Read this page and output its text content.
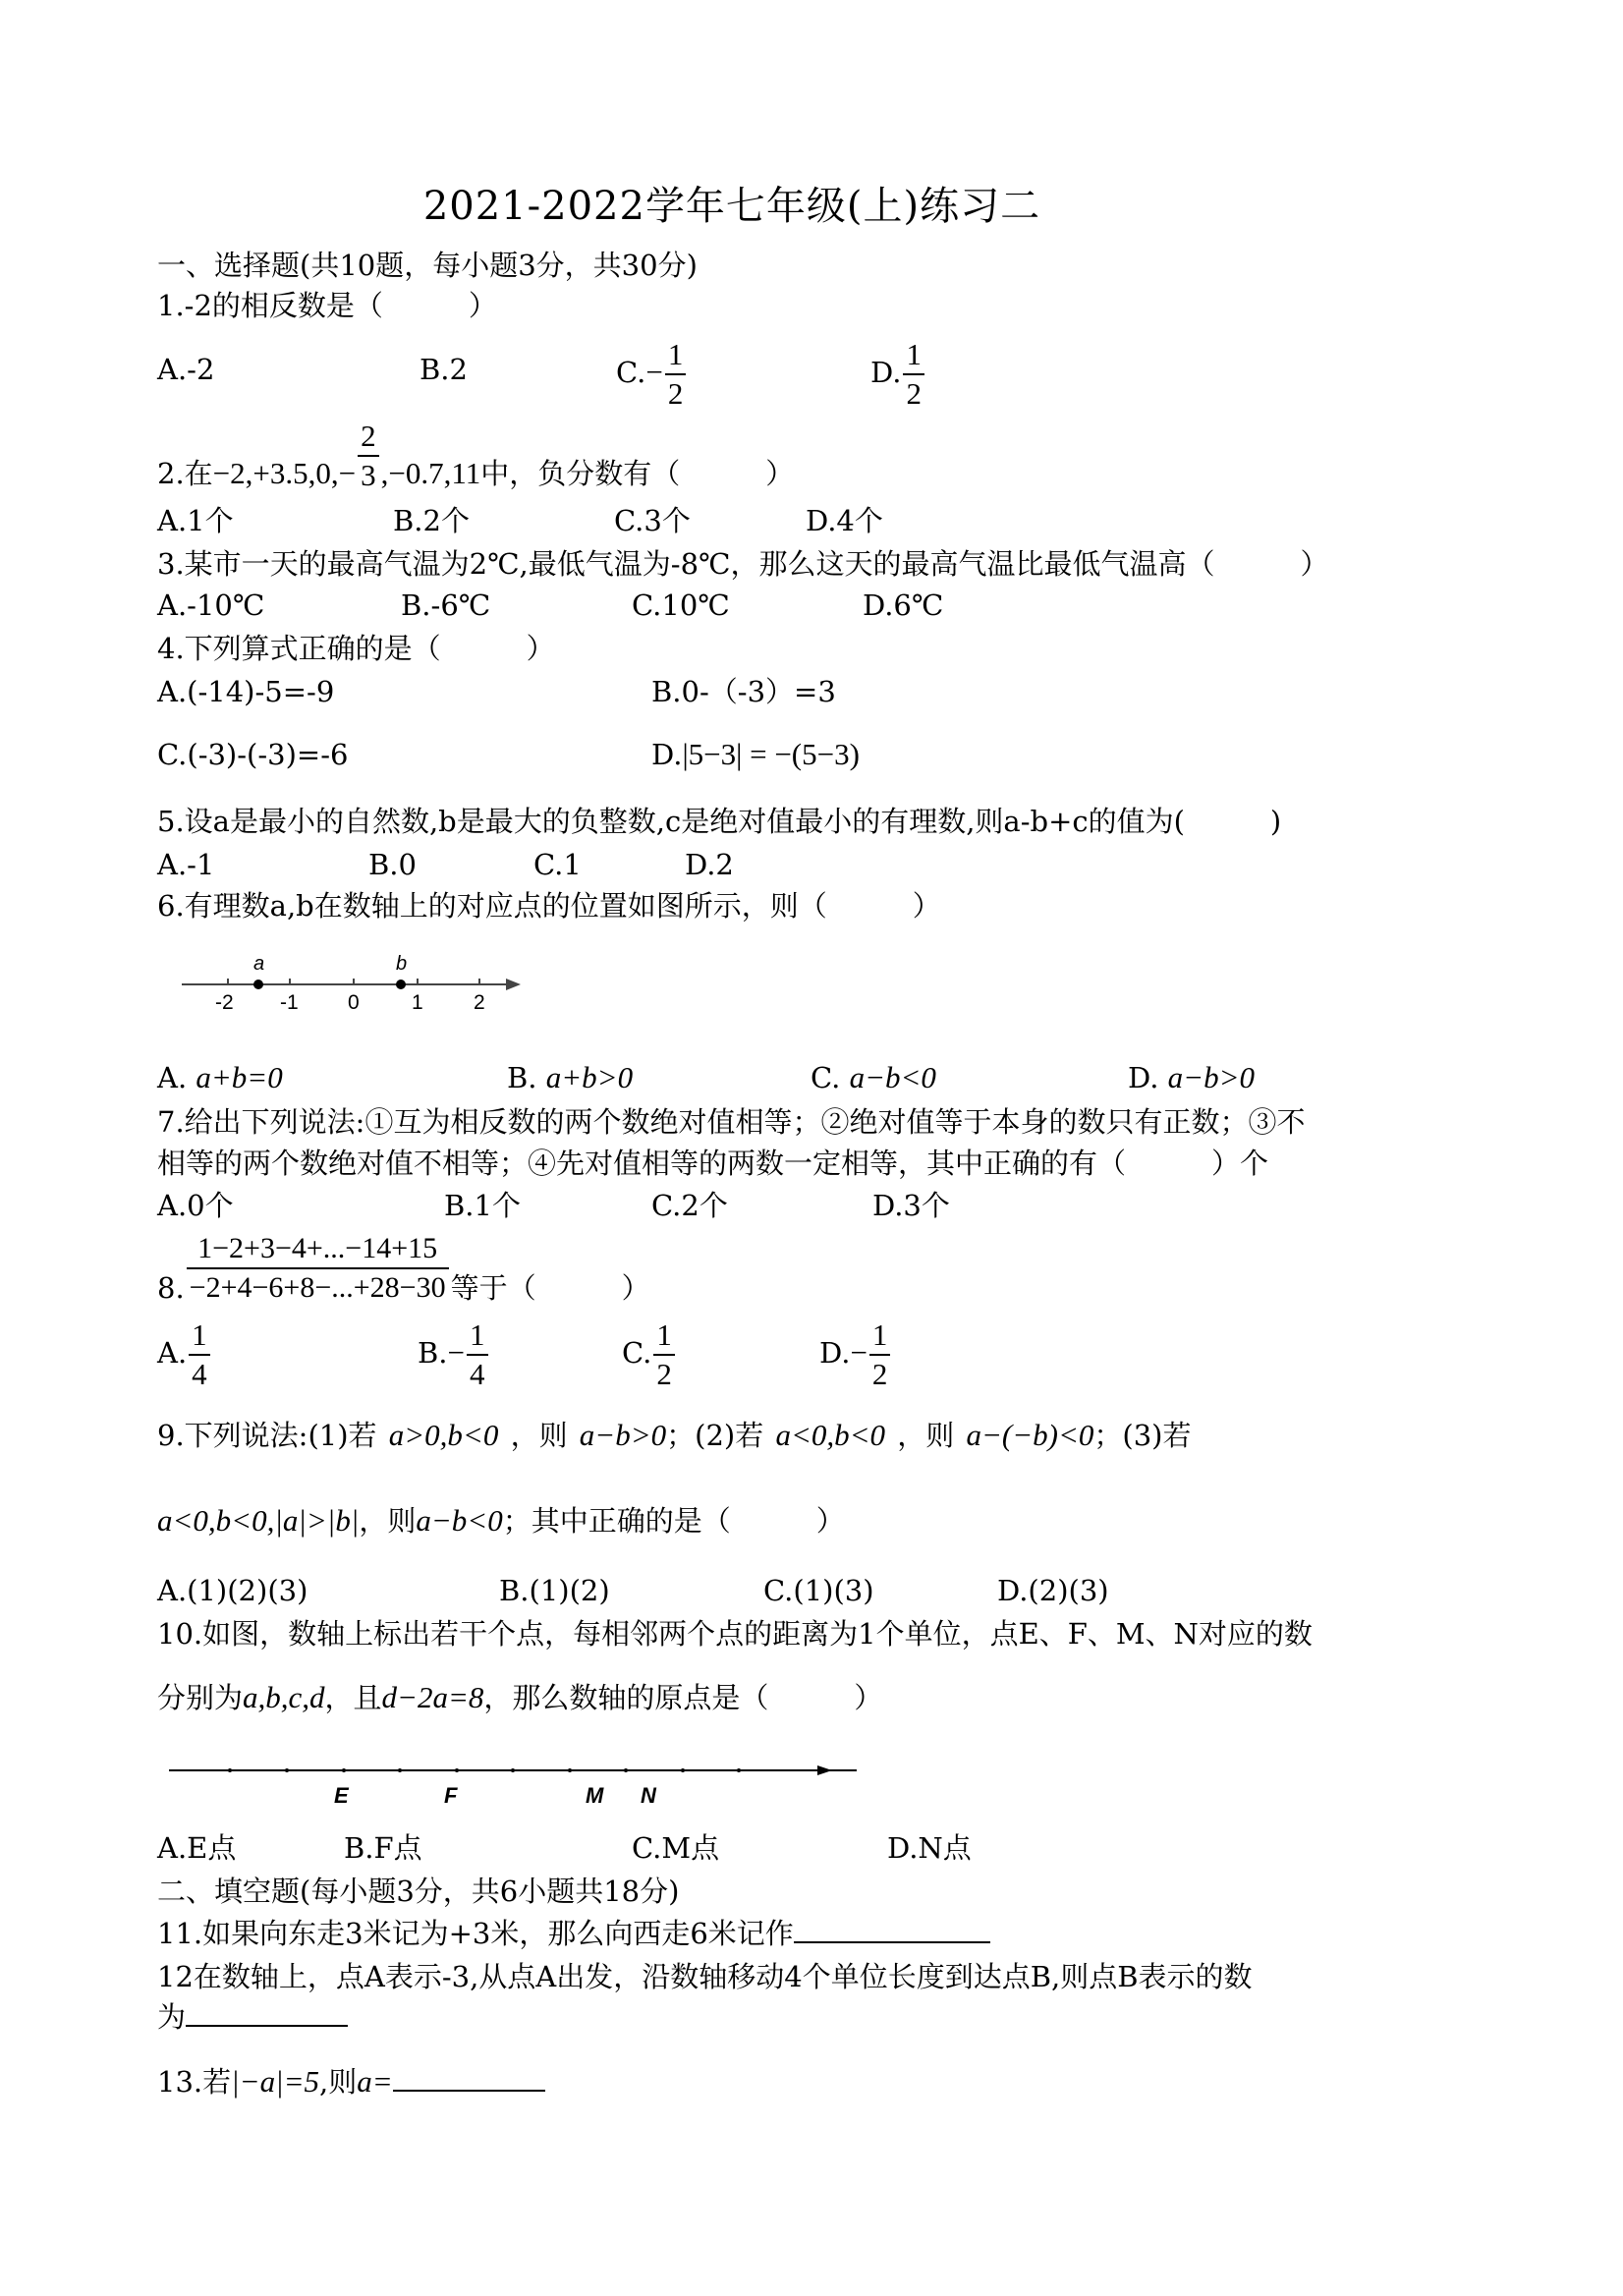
2021-2022学年七年级(上)练习二
一、选择题(共10题，每小题3分，共30分)
1.-2的相反数是（　　　）
A.-2	B.2	$C.- \frac{1}{2}$	D. $\frac{1}{2}$
2.在$-2,+3.5,0,- \frac{2}{3} ,-0.7,11$中，负分数有（　　　）
A.1个	B.2个	C.3个	D.4个
3.某市一天的最高气温为2℃,最低气温为-8℃，那么这天的最高气温比最低气温高（　　　）
A.-10℃	B.-6℃	C.10℃	D.6℃
4.下列算式正确的是（　　　）
A.(-14)-5=-9	B.0-（-3）=3
C.(-3)-(-3)=-6	D.|5−3| = −(5−3)
5.设a是最小的自然数,b是最大的负整数,c是绝对值最小的有理数,则a-b+c的值为(　　　)
A.-1	B.0	C.1	D.2
6.有理数a,b在数轴上的对应点的位置如图所示，则（　　　）
a	b
-2 -1 0	1 2
A. a+b=0	B. a+b>0	C. a−b<0	D. a−b>0
7.给出下列说法:①互为相反数的两个数绝对值相等；②绝对值等于本身的数只有正数；③不
相等的两个数绝对值不相等；④先对值相等的两数一定相等，其中正确的有（　　　）个
A.0个	B.1个	C.2个	D.3个
8. $\frac{1-2+3-4+...-14+15}{-2+4-6+8-...+28-30}$ 等于（　　　）
A. $\frac{1}{4}$	$B.- \frac{1}{4}$	C. $\frac{1}{2}$	$D.- \frac{1}{2}$
9.下列说法:(1)若 a>0,b<0 ，则 a−b>0；(2)若 a<0,b<0 ，则 a−(−b)<0；(3)若
a<0,b<0,|a|>|b|，则a−b<0；其中正确的是（　　　）
A.(1)(2)(3)	B.(1)(2)	C.(1)(3)	D.(2)(3)
10.如图，数轴上标出若干个点，每相邻两个点的距离为1个单位，点E、F、M、N对应的数
分别为a,b,c,d，且d−2a=8，那么数轴的原点是（　　　）
E	F	M N
A.E点	B.F点	C.M点	D.N点
二、填空题(每小题3分，共6小题共18分)
11.如果向东走3米记为+3米，那么向西走6米记作
12在数轴上，点A表示-3,从点A出发，沿数轴移动4个单位长度到达点B,则点B表示的数
为
13.若|−a|=5,则a=
